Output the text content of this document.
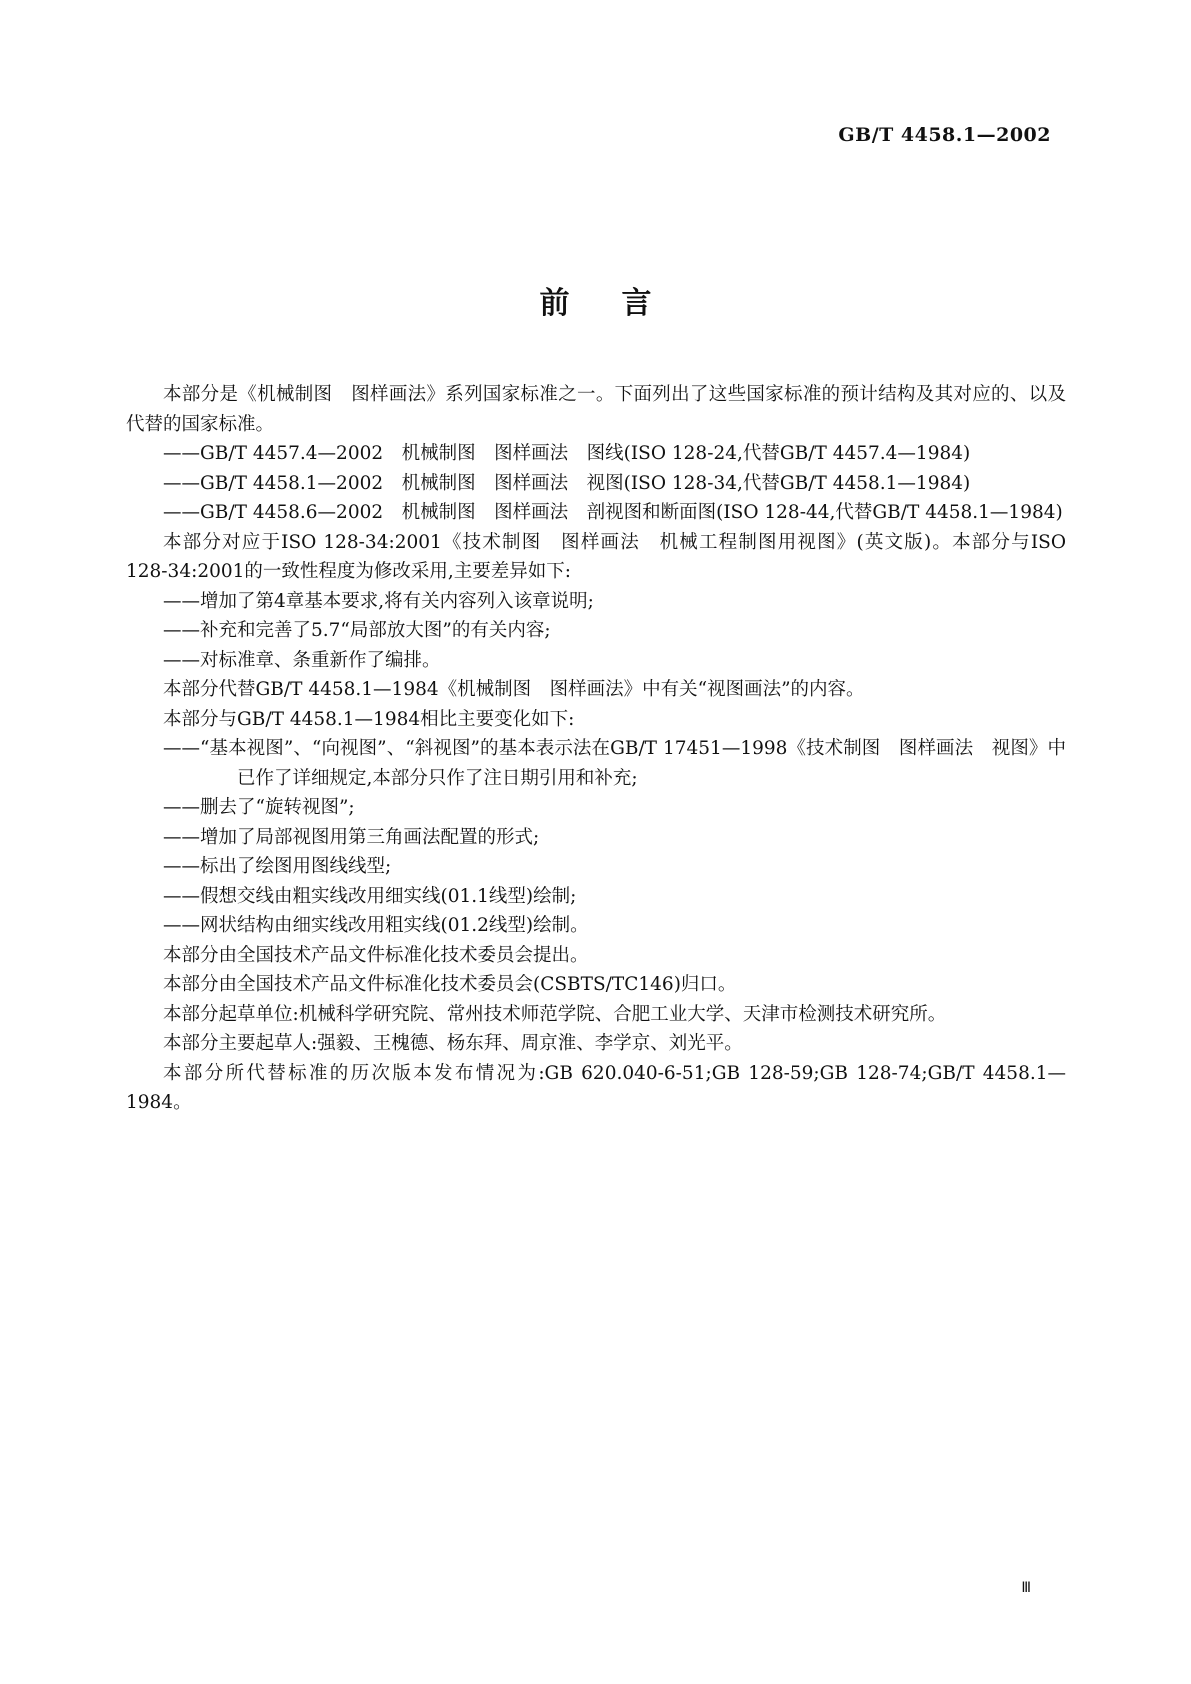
GB/T 4458.1—2002
前言

本部分是《机械制图　图样画法》系列国家标准之一。下面列出了这些国家标准的预计结构及其对应的、以及代替的国家标准。

——GB/T 4457.4—2002　机械制图　图样画法　图线(ISO 128-24,代替GB/T 4457.4—1984)

——GB/T 4458.1—2002　机械制图　图样画法　视图(ISO 128-34,代替GB/T 4458.1—1984)

——GB/T 4458.6—2002　机械制图　图样画法　剖视图和断面图(ISO 128-44,代替GB/T 4458.1—1984)

本部分对应于ISO 128-34:2001《技术制图　图样画法　机械工程制图用视图》(英文版)。本部分与ISO 128-34:2001的一致性程度为修改采用,主要差异如下:

——增加了第4章基本要求,将有关内容列入该章说明;

——补充和完善了5.7“局部放大图”的有关内容;

——对标准章、条重新作了编排。

本部分代替GB/T 4458.1—1984《机械制图　图样画法》中有关“视图画法”的内容。

本部分与GB/T 4458.1—1984相比主要变化如下:

——“基本视图”、“向视图”、“斜视图”的基本表示法在GB/T 17451—1998《技术制图　图样画法　视图》中已作了详细规定,本部分只作了注日期引用和补充;

——删去了“旋转视图”;

——增加了局部视图用第三角画法配置的形式;

——标出了绘图用图线线型;

——假想交线由粗实线改用细实线(01.1线型)绘制;

——网状结构由细实线改用粗实线(01.2线型)绘制。

本部分由全国技术产品文件标准化技术委员会提出。

本部分由全国技术产品文件标准化技术委员会(CSBTS/TC146)归口。

本部分起草单位:机械科学研究院、常州技术师范学院、合肥工业大学、天津市检测技术研究所。

本部分主要起草人:强毅、王槐德、杨东拜、周京淮、李学京、刘光平。

本部分所代替标准的历次版本发布情况为:GB 620.040-6-51;GB 128-59;GB 128-74;GB/T 4458.1—1984。

Ⅲ
